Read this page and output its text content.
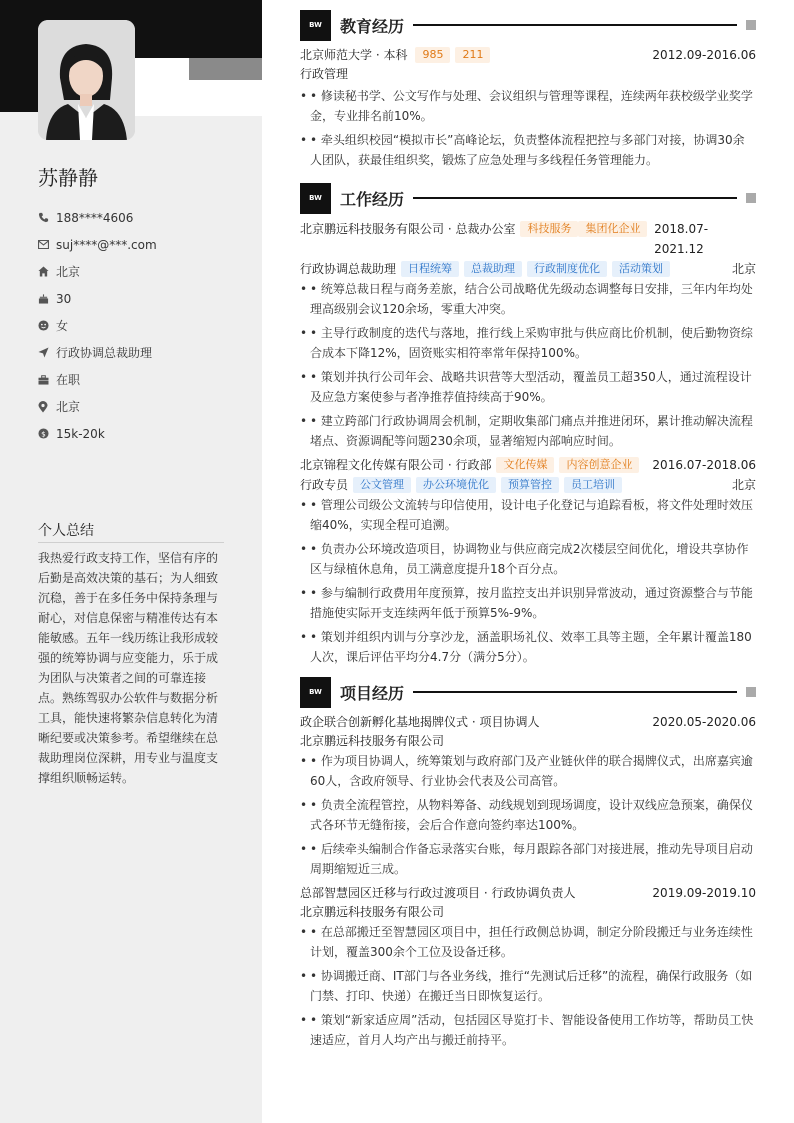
苏静静
188****4606
suj****@***.com
北京
30
女
行政协调总裁助理
在职
北京
$ 15k-20k
个人总结
我热爱行政支持工作，坚信有序的
后勤是高效决策的基石；为人细致
沉稳，善于在多任务中保持条理与
耐心，对信息保密与精准传达有本
能敏感。五年一线历练让我形成较
强的统筹协调与应变能力，乐于成
为团队与决策者之间的可靠连接
点。熟练驾驭办公软件与数据分析
工具，能快速将繁杂信息转化为清
晰纪要或决策参考。希望继续在总
裁助理岗位深耕，用专业与温度支
撑组织顺畅运转。
BW	教育经历
北京师范大学 · 本科	985	211	2012.09-2016.06
行政管理
• • 修读秘书学、公文写作与处理、会议组织与管理等课程，连续两年获校级学业奖学金，专业排名前10%。
• • 牵头组织校园“模拟市长”高峰论坛，负责整体流程把控与多部门对接，协调30余人团队，获最佳组织奖，锻炼了应急处理与多线程任务管理能力。
BW	工作经历
北京鹏远科技服务有限公司 · 总裁办公室	科技服务	集团化企业	2018.07-2021.12
行政协调总裁助理	日程统筹	总裁助理	行政制度优化	活动策划	北京
• • 统筹总裁日程与商务差旅，结合公司战略优先级动态调整每日安排，三年内年均处理高级别会议120余场，零重大冲突。
• • 主导行政制度的迭代与落地，推行线上采购审批与供应商比价机制，使后勤物资综合成本下降12%，固资账实相符率常年保持100%。
• • 策划并执行公司年会、战略共识营等大型活动，覆盖员工超350人，通过流程设计及应急方案使参与者净推荐值持续高于90%。
• • 建立跨部门行政协调周会机制，定期收集部门痛点并推进闭环，累计推动解决流程堵点、资源调配等问题230余项，显著缩短内部响应时间。
北京锦程文化传媒有限公司 · 行政部	文化传媒	内容创意企业	2016.07-2018.06
行政专员	公文管理	办公环境优化	预算管控	员工培训	北京
• • 管理公司级公文流转与印信使用，设计电子化登记与追踪看板，将文件处理时效压缩40%，实现全程可追溯。
• • 负责办公环境改造项目，协调物业与供应商完成2次楼层空间优化，增设共享协作区与绿植休息角，员工满意度提升18个百分点。
• • 参与编制行政费用年度预算，按月监控支出并识别异常波动，通过资源整合与节能措施使实际开支连续两年低于预算5%-9%。
• • 策划并组织内训与分享沙龙，涵盖职场礼仪、效率工具等主题，全年累计覆盖180人次，课后评估平均分4.7分（满分5分）。
BW	项目经历
政企联合创新孵化基地揭牌仪式 · 项目协调人	2020.05-2020.06
北京鹏远科技服务有限公司
• • 作为项目协调人，统筹策划与政府部门及产业链伙伴的联合揭牌仪式，出席嘉宾逾60人，含政府领导、行业协会代表及公司高管。
• • 负责全流程管控，从物料筹备、动线规划到现场调度，设计双线应急预案，确保仪式各环节无缝衔接，会后合作意向签约率达100%。
• • 后续牵头编制合作备忘录落实台账，每月跟踪各部门对接进展，推动先导项目启动周期缩短近三成。
总部智慧园区迁移与行政过渡项目 · 行政协调负责人	2019.09-2019.10
北京鹏远科技服务有限公司
• • 在总部搬迁至智慧园区项目中，担任行政侧总协调，制定分阶段搬迁与业务连续性计划，覆盖300余个工位及设备迁移。
• • 协调搬迁商、IT部门与各业务线，推行“先测试后迁移”的流程，确保行政服务（如门禁、打印、快递）在搬迁当日即恢复运行。
• • 策划“新家适应周”活动，包括园区导览打卡、智能设备使用工作坊等，帮助员工快速适应，首月人均产出与搬迁前持平。
